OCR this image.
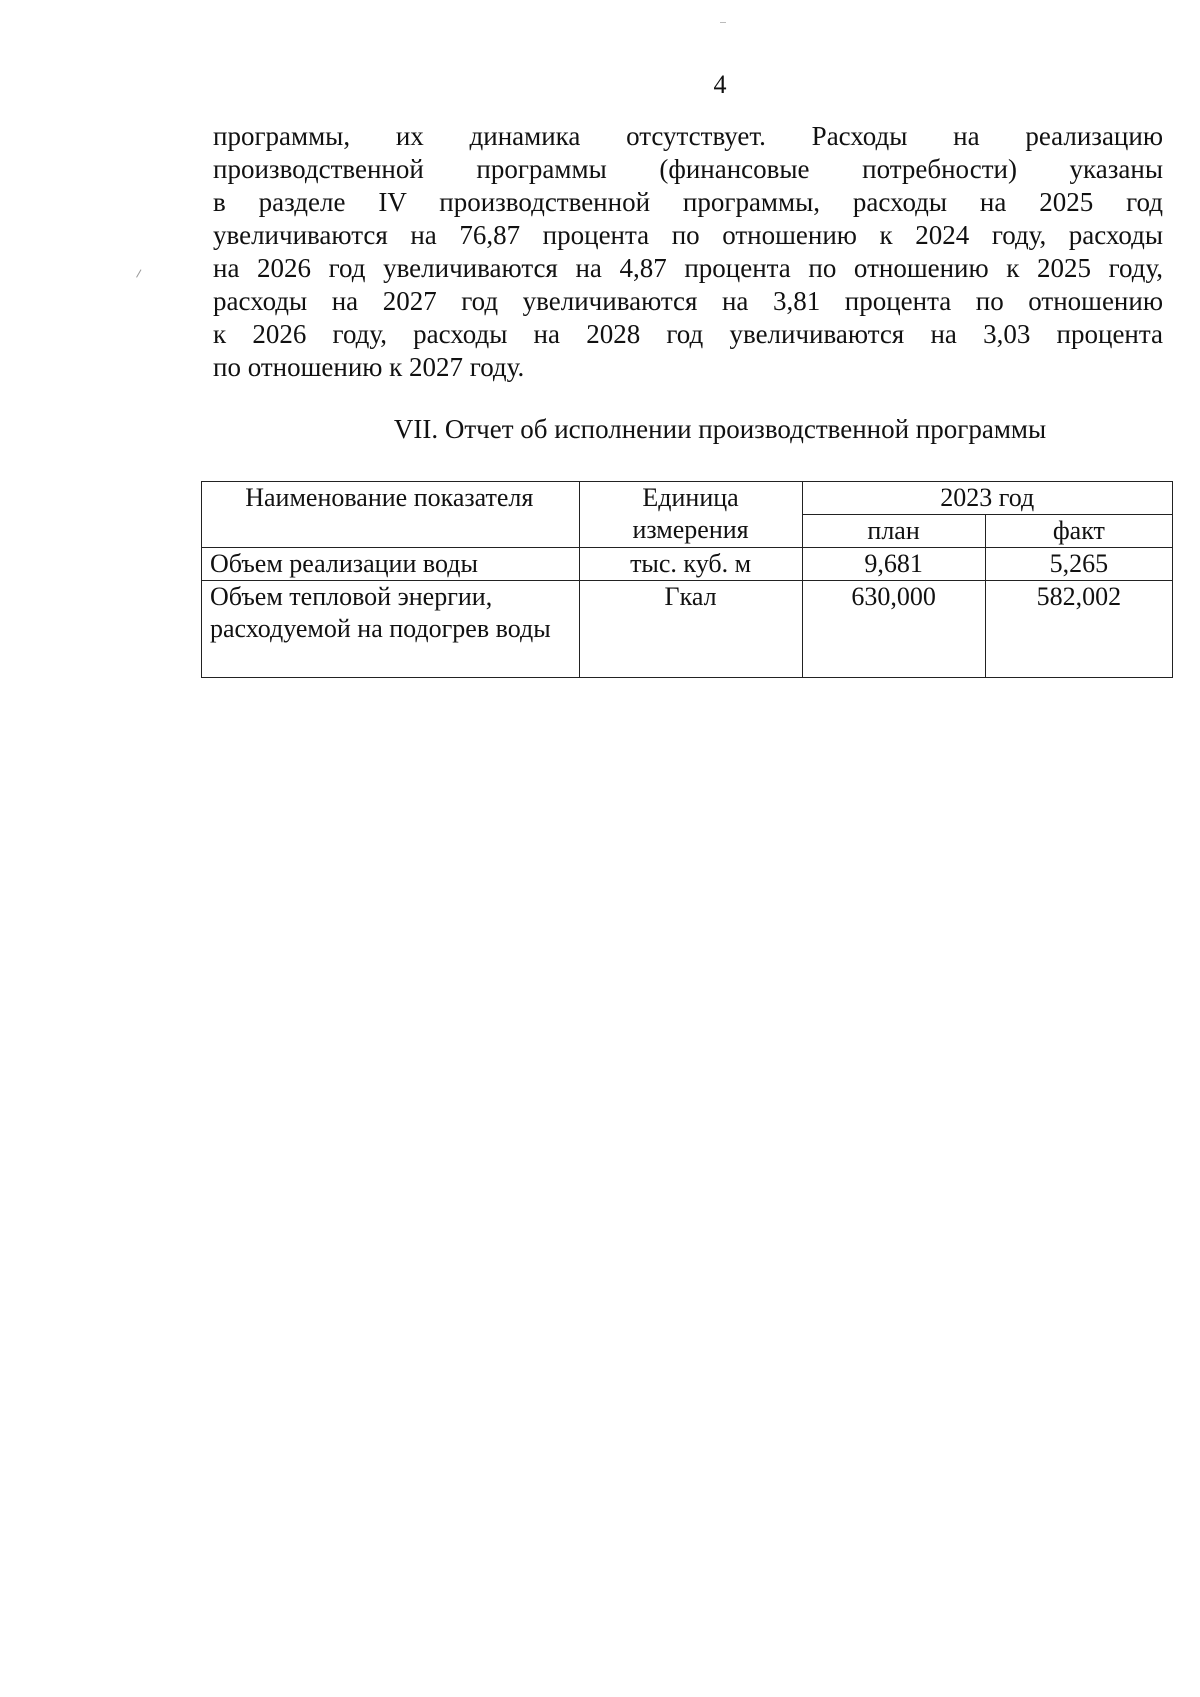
4
программы, их динамика отсутствует. Расходы на реализацию
производственной программы (финансовые потребности) указаны
в разделе IV производственной программы, расходы на 2025 год
увеличиваются на 76,87 процента по отношению к 2024 году, расходы
на 2026 год увеличиваются на 4,87 процента по отношению к 2025 году,
расходы на 2027 год увеличиваются на 3,81 процента по отношению
к 2026 году, расходы на 2028 год увеличиваются на 3,03 процента
по отношению к 2027 году.
VII. Отчет об исполнении производственной программы
Наименование показателя	Единица измерения	2023 год	
		план	факт
Объем реализации воды	тыс. куб. м	9,681	5,265
Объем тепловой энергии, расходуемой на подогрев воды	Гкал	630,000	582,002
